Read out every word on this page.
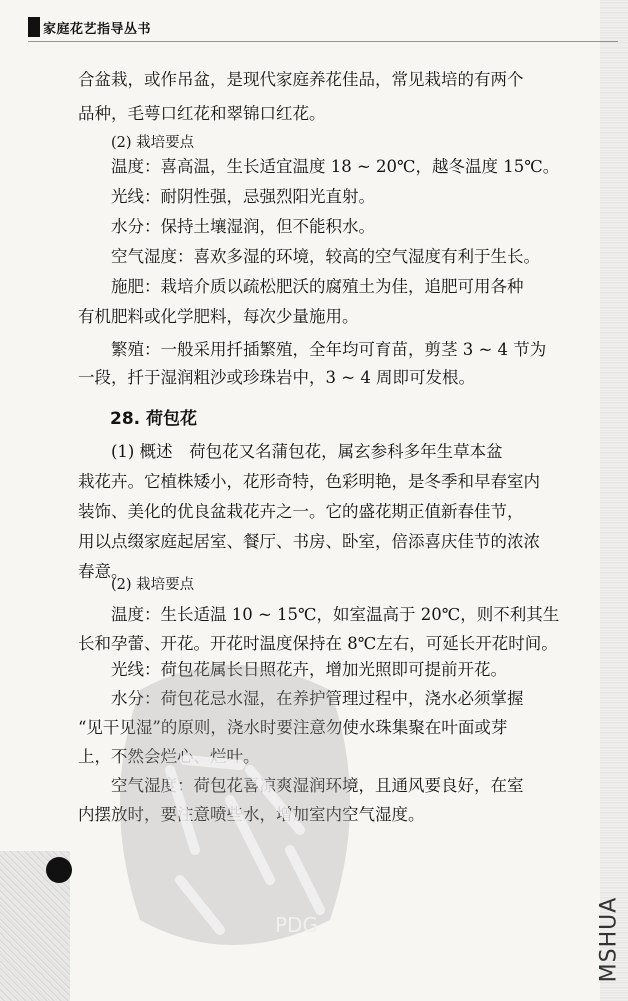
家庭花艺指导丛书
合盆栽，或作吊盆，是现代家庭养花佳品，常见栽培的有两个
品种，毛萼口红花和翠锦口红花。
(2) 栽培要点
温度：喜高温，生长适宜温度 18 ~ 20℃，越冬温度 15℃。
光线：耐阴性强，忌强烈阳光直射。
水分：保持土壤湿润，但不能积水。
空气湿度：喜欢多湿的环境，较高的空气湿度有利于生长。
施肥：栽培介质以疏松肥沃的腐殖土为佳，追肥可用各种
有机肥料或化学肥料，每次少量施用。
繁殖：一般采用扦插繁殖，全年均可育苗，剪茎 3 ~ 4 节为
一段，扦于湿润粗沙或珍珠岩中，3 ~ 4 周即可发根。
28. 荷包花
(1) 概述　荷包花又名蒲包花，属玄参科多年生草本盆
栽花卉。它植株矮小，花形奇特，色彩明艳，是冬季和早春室内
装饰、美化的优良盆栽花卉之一。它的盛花期正值新春佳节，
用以点缀家庭起居室、餐厅、书房、卧室，倍添喜庆佳节的浓浓
春意。
(2) 栽培要点
温度：生长适温 10 ~ 15℃，如室温高于 20℃，则不利其生
长和孕蕾、开花。开花时温度保持在 8℃左右，可延长开花时间。
光线：荷包花属长日照花卉，增加光照即可提前开花。
水分：荷包花忌水湿，在养护管理过程中，浇水必须掌握
“见干见湿”的原则，浇水时要注意勿使水珠集聚在叶面或芽
上，不然会烂心、烂叶。
空气湿度：荷包花喜凉爽湿润环境，且通风要良好，在室
内摆放时，要注意喷些水，增加室内空气湿度。
PDG	MSHUA
